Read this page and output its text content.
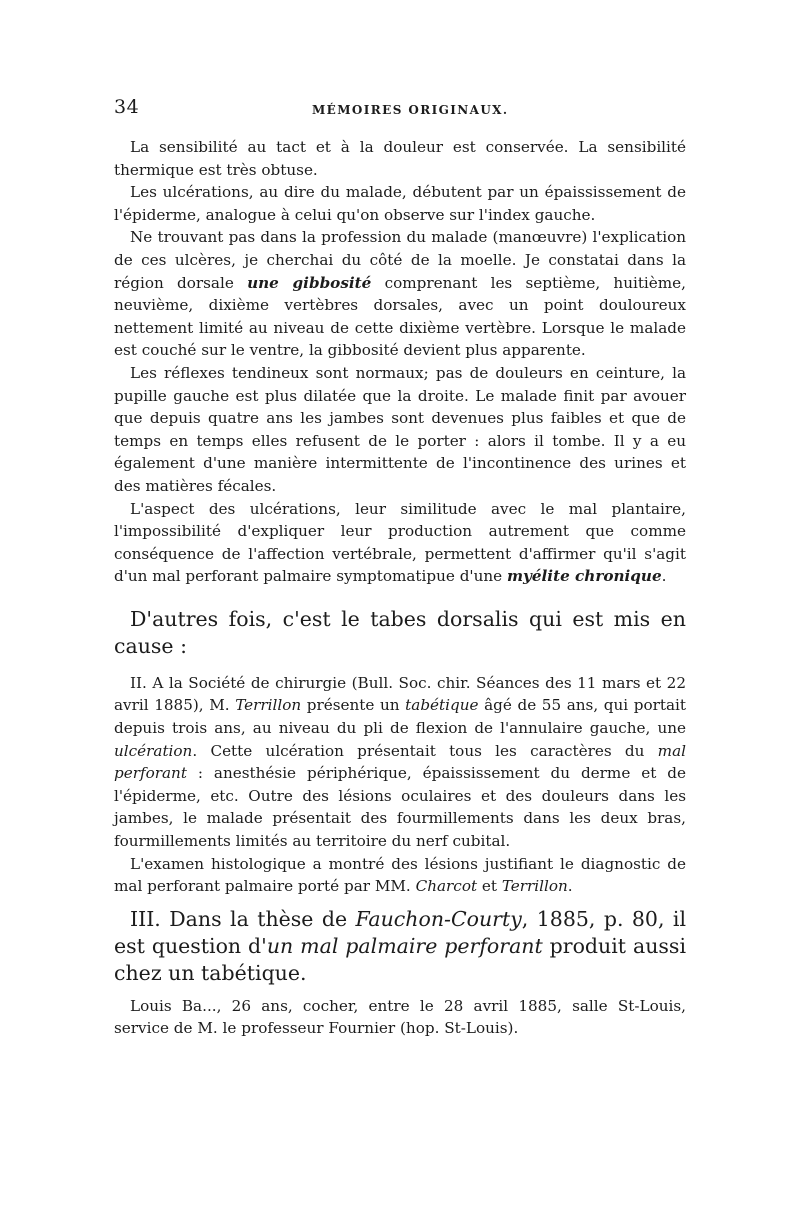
34	MÉMOIRES ORIGINAUX.

La sensibilité au tact et à la douleur est conservée. La sensibilité thermique est très obtuse.

Les ulcérations, au dire du malade, débutent par un épaississement de l'épiderme, analogue à celui qu'on observe sur l'index gauche.

Ne trouvant pas dans la profession du malade (manœuvre) l'explication de ces ulcères, je cherchai du côté de la moelle. Je constatai dans la région dorsale une gibbosité comprenant les septième, huitième, neuvième, dixième vertèbres dorsales, avec un point douloureux nettement limité au niveau de cette dixième vertèbre. Lorsque le malade est couché sur le ventre, la gibbosité devient plus apparente.

Les réflexes tendineux sont normaux; pas de douleurs en ceinture, la pupille gauche est plus dilatée que la droite. Le malade finit par avouer que depuis quatre ans les jambes sont devenues plus faibles et que de temps en temps elles refusent de le porter : alors il tombe. Il y a eu également d'une manière intermittente de l'incontinence des urines et des matières fécales.

L'aspect des ulcérations, leur similitude avec le mal plantaire, l'impossibilité d'expliquer leur production autrement que comme conséquence de l'affection vertébrale, permettent d'affirmer qu'il s'agit d'un mal perforant palmaire symptomatipue d'une myélite chronique.

D'autres fois, c'est le tabes dorsalis qui est mis en cause :

II. A la Société de chirurgie (Bull. Soc. chir. Séances des 11 mars et 22 avril 1885), M. Terrillon présente un tabétique âgé de 55 ans, qui portait depuis trois ans, au niveau du pli de flexion de l'annulaire gauche, une ulcération. Cette ulcération présentait tous les caractères du mal perforant : anesthésie périphérique, épaississement du derme et de l'épiderme, etc. Outre des lésions oculaires et des douleurs dans les jambes, le malade présentait des fourmillements dans les deux bras, fourmillements limités au territoire du nerf cubital.

L'examen histologique a montré des lésions justifiant le diagnostic de mal perforant palmaire porté par MM. Charcot et Terrillon.

III. Dans la thèse de Fauchon-Courty, 1885, p. 80, il est question d'un mal palmaire perforant produit aussi chez un tabétique.

Louis Ba..., 26 ans, cocher, entre le 28 avril 1885, salle St-Louis, service de M. le professeur Fournier (hop. St-Louis).
